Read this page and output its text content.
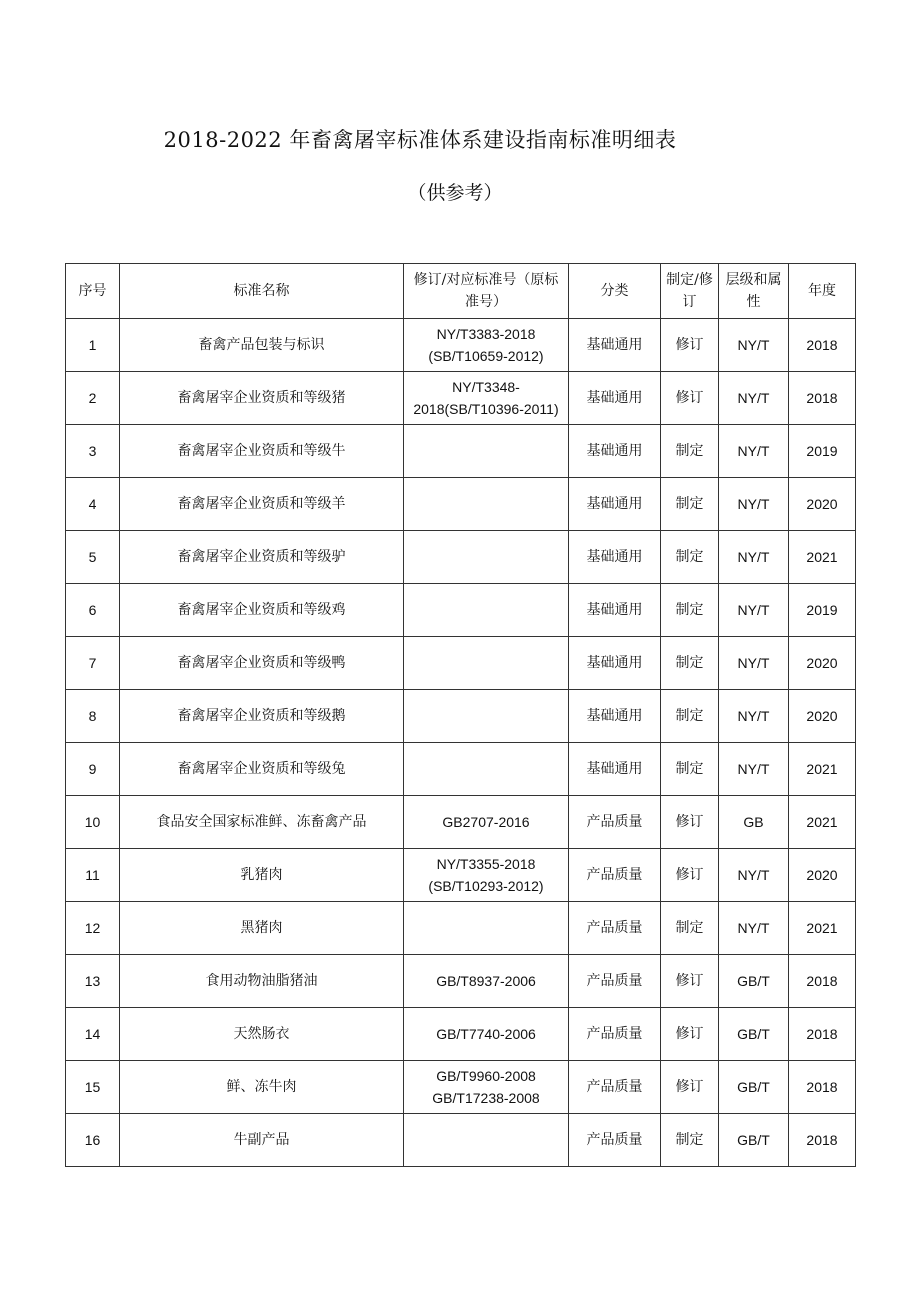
2018-2022 年畜禽屠宰标准体系建设指南标准明细表
（供参考）
序号	标准名称	修订/对应标准号（原标准号）	分类	制定/修订	层级和属性	年度
1	畜禽产品包装与标识	NY/T3383-2018 (SB/T10659-2012)	基础通用	修订	NY/T	2018
2	畜禽屠宰企业资质和等级猪	NY/T3348-2018(SB/T10396-2011)	基础通用	修订	NY/T	2018
3	畜禽屠宰企业资质和等级牛		基础通用	制定	NY/T	2019
4	畜禽屠宰企业资质和等级羊		基础通用	制定	NY/T	2020
5	畜禽屠宰企业资质和等级驴		基础通用	制定	NY/T	2021
6	畜禽屠宰企业资质和等级鸡		基础通用	制定	NY/T	2019
7	畜禽屠宰企业资质和等级鸭		基础通用	制定	NY/T	2020
8	畜禽屠宰企业资质和等级鹅		基础通用	制定	NY/T	2020
9	畜禽屠宰企业资质和等级兔		基础通用	制定	NY/T	2021
10	食品安全国家标准鲜、冻畜禽产品	GB2707-2016	产品质量	修订	GB	2021
11	乳猪肉	NY/T3355-2018 (SB/T10293-2012)	产品质量	修订	NY/T	2020
12	黑猪肉		产品质量	制定	NY/T	2021
13	食用动物油脂猪油	GB/T8937-2006	产品质量	修订	GB/T	2018
14	天然肠衣	GB/T7740-2006	产品质量	修订	GB/T	2018
15	鲜、冻牛肉	GB/T9960-2008 GB/T17238-2008	产品质量	修订	GB/T	2018
16	牛副产品		产品质量	制定	GB/T	2018
